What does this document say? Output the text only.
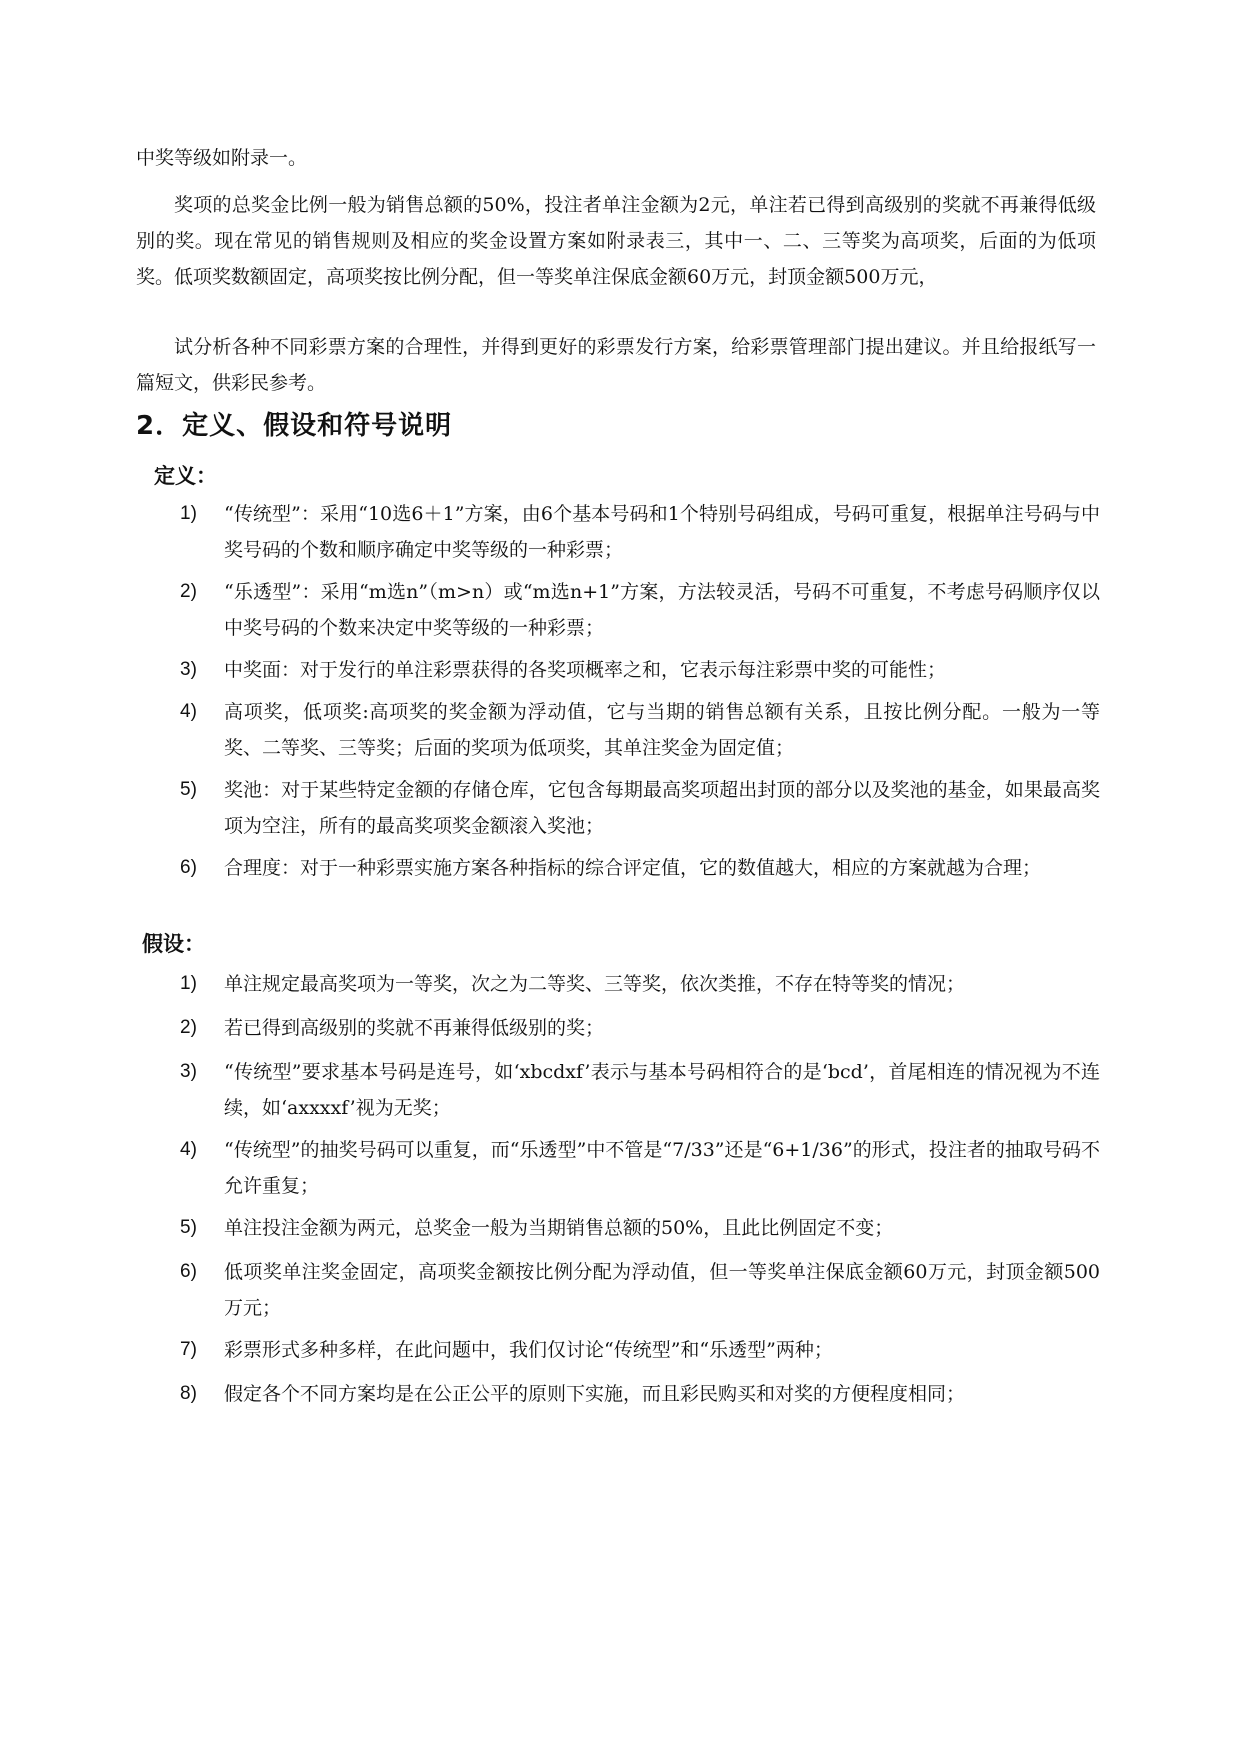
中奖等级如附录一。

奖项的总奖金比例一般为销售总额的50%，投注者单注金额为2元，单注若已得到高级别的奖就不再兼得低级别的奖。现在常见的销售规则及相应的奖金设置方案如附录表三，其中一、二、三等奖为高项奖，后面的为低项奖。低项奖数额固定，高项奖按比例分配，但一等奖单注保底金额60万元，封顶金额500万元，

试分析各种不同彩票方案的合理性，并得到更好的彩票发行方案，给彩票管理部门提出建议。并且给报纸写一篇短文，供彩民参考。

2．定义、假设和符号说明
定义：
1)	“传统型”：采用“10选6＋1”方案，由6个基本号码和1个特别号码组成，号码可重复，根据单注号码与中奖号码的个数和顺序确定中奖等级的一种彩票；
2)	“乐透型”：采用“m选n”（m>n）或“m选n+1”方案，方法较灵活，号码不可重复，不考虑号码顺序仅以中奖号码的个数来决定中奖等级的一种彩票；
3)	中奖面：对于发行的单注彩票获得的各奖项概率之和，它表示每注彩票中奖的可能性；
4)	高项奖，低项奖:高项奖的奖金额为浮动值，它与当期的销售总额有关系，且按比例分配。一般为一等奖、二等奖、三等奖；后面的奖项为低项奖，其单注奖金为固定值；
5)	奖池：对于某些特定金额的存储仓库，它包含每期最高奖项超出封顶的部分以及奖池的基金，如果最高奖项为空注，所有的最高奖项奖金额滚入奖池；
6)	合理度：对于一种彩票实施方案各种指标的综合评定值，它的数值越大，相应的方案就越为合理；
假设：
1)	单注规定最高奖项为一等奖，次之为二等奖、三等奖，依次类推，不存在特等奖的情况；
2)	若已得到高级别的奖就不再兼得低级别的奖；
3)	“传统型”要求基本号码是连号，如‘xbcdxf’表示与基本号码相符合的是‘bcd’，首尾相连的情况视为不连续，如‘axxxxf’视为无奖；
4)	“传统型”的抽奖号码可以重复，而“乐透型”中不管是“7/33”还是“6+1/36”的形式，投注者的抽取号码不允许重复；
5)	单注投注金额为两元，总奖金一般为当期销售总额的50%，且此比例固定不变；
6)	低项奖单注奖金固定，高项奖金额按比例分配为浮动值，但一等奖单注保底金额60万元，封顶金额500万元；
7)	彩票形式多种多样，在此问题中，我们仅讨论“传统型”和“乐透型”两种；
8)	假定各个不同方案均是在公正公平的原则下实施，而且彩民购买和对奖的方便程度相同；
